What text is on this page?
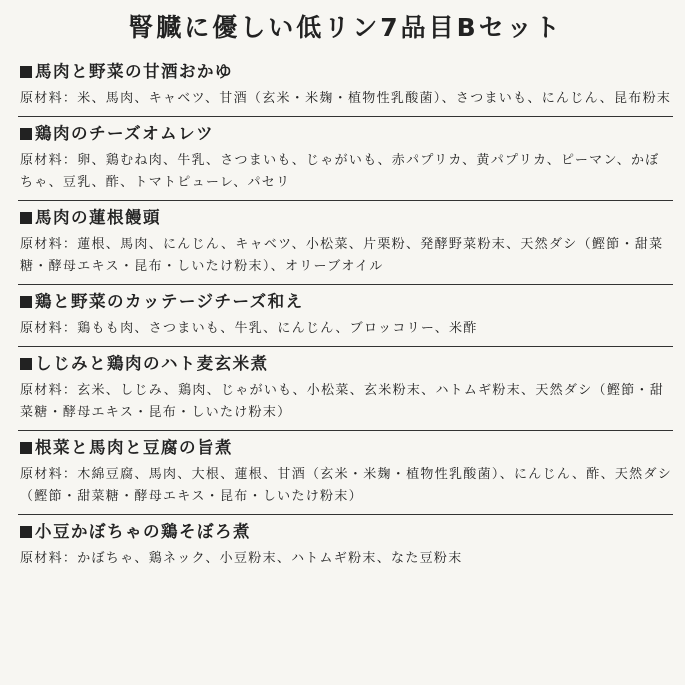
腎臓に優しい低リン7品目Bセット
馬肉と野菜の甘酒おかゆ
原材料：米、馬肉、キャベツ、甘酒（玄米・米麹・植物性乳酸菌）、さつまいも、にんじん、昆布粉末
鶏肉のチーズオムレツ
原材料：卵、鶏むね肉、牛乳、さつまいも、じゃがいも、赤パプリカ、黄パプリカ、ピーマン、かぼちゃ、豆乳、酢、トマトピューレ、パセリ
馬肉の蓮根饅頭
原材料：蓮根、馬肉、にんじん、キャベツ、小松菜、片栗粉、発酵野菜粉末、天然ダシ（鰹節・甜菜糖・酵母エキス・昆布・しいたけ粉末）、オリーブオイル
鶏と野菜のカッテージチーズ和え
原材料：鶏もも肉、さつまいも、牛乳、にんじん、ブロッコリー、米酢
しじみと鶏肉のハト麦玄米煮
原材料：玄米、しじみ、鶏肉、じゃがいも、小松菜、玄米粉末、ハトムギ粉末、天然ダシ（鰹節・甜菜糖・酵母エキス・昆布・しいたけ粉末）
根菜と馬肉と豆腐の旨煮
原材料：木綿豆腐、馬肉、大根、蓮根、甘酒（玄米・米麹・植物性乳酸菌）、にんじん、酢、天然ダシ（鰹節・甜菜糖・酵母エキス・昆布・しいたけ粉末）
小豆かぼちゃの鶏そぼろ煮
原材料：かぼちゃ、鶏ネック、小豆粉末、ハトムギ粉末、なた豆粉末
